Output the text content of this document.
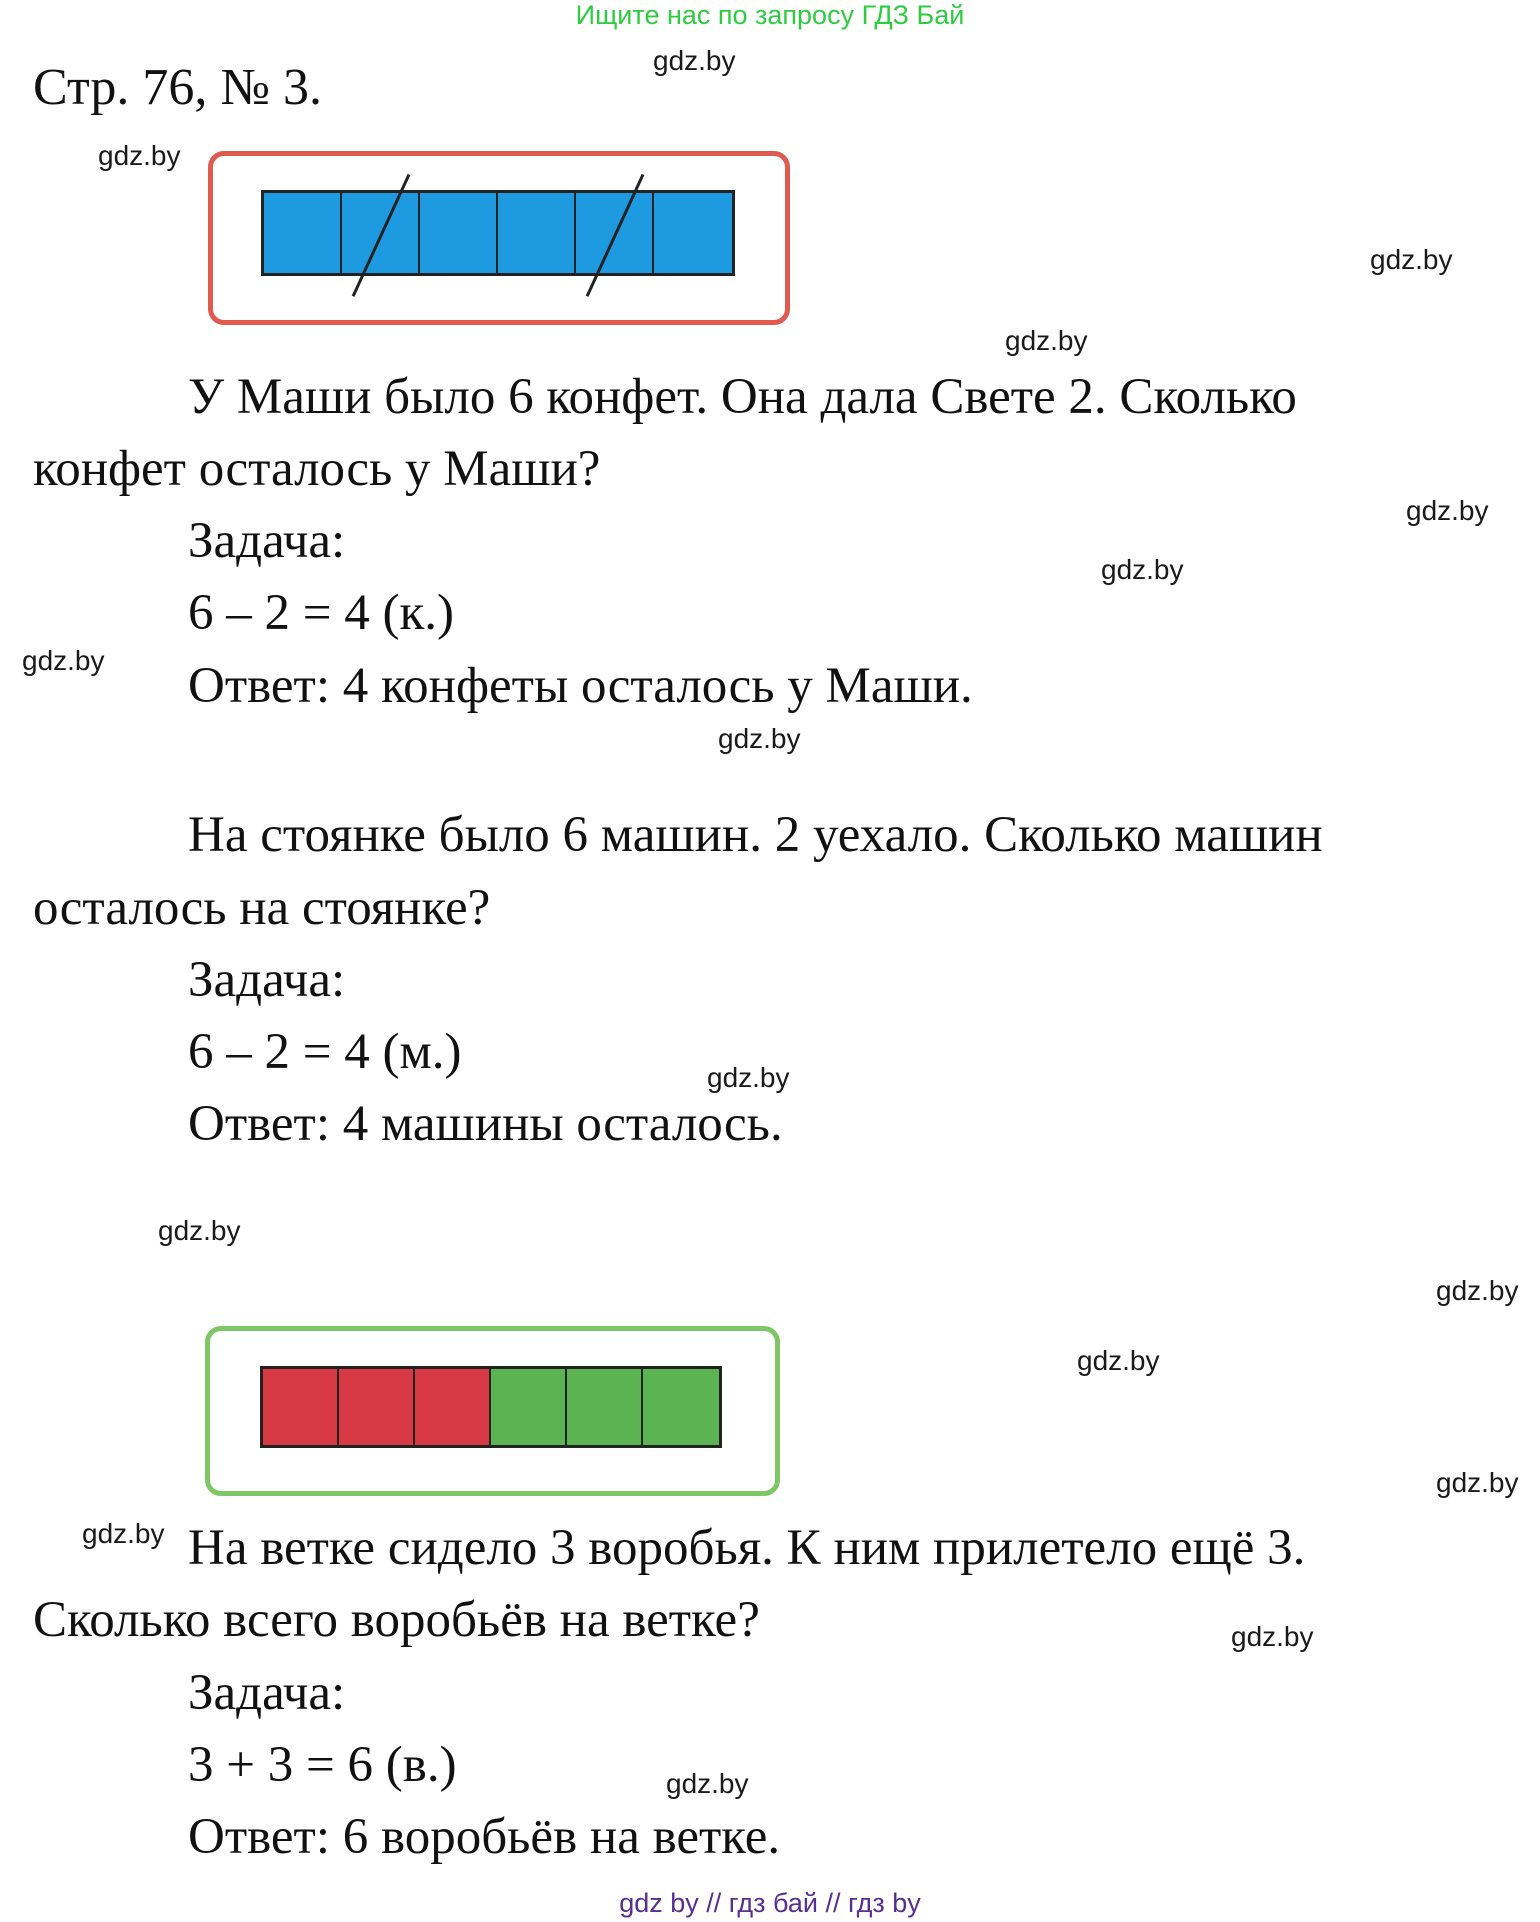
Ищите нас по запросу ГДЗ Бай
Стр. 76, № 3.
У Маши было 6 конфет. Она дала Свете 2. Сколько
конфет осталось у Маши?
Задача:
6 – 2 = 4 (к.)
Ответ: 4 конфеты осталось у Маши.
На стоянке было 6 машин. 2 уехало. Сколько машин
осталось на стоянке?
Задача:
6 – 2 = 4 (м.)
Ответ: 4 машины осталось.
На ветке сидело 3 воробья. К ним прилетело ещё 3.
Сколько всего воробьёв на ветке?
Задача:
3 + 3 = 6 (в.)
Ответ: 6 воробьёв на ветке.
gdz.by
gdz.by
gdz.by
gdz.by
gdz.by
gdz.by
gdz.by
gdz.by
gdz.by
gdz.by
gdz.by
gdz.by
gdz.by
gdz.by
gdz.by
gdz.by
gdz by // гдз бай // гдз by
